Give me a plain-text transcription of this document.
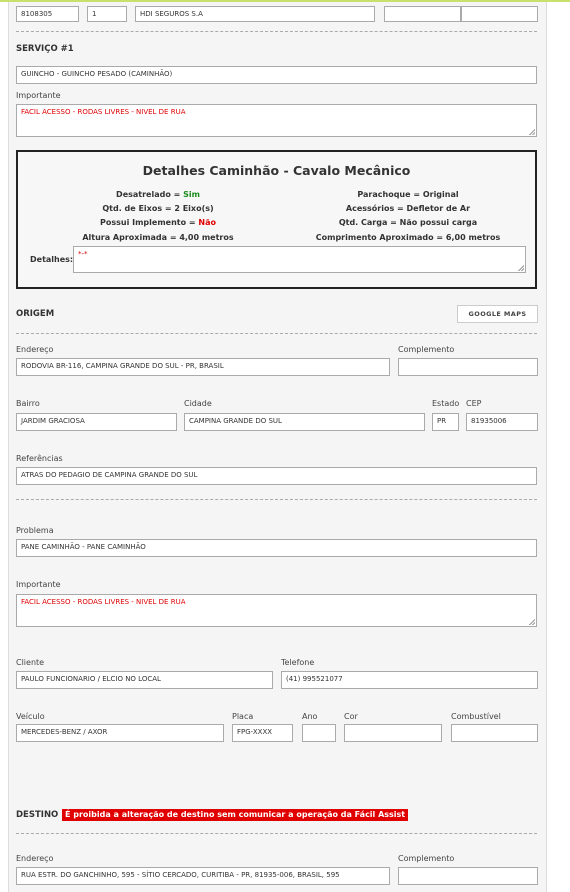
8108305	1	HDI SEGUROS S.A
SERVIÇO #1
GUINCHO - GUINCHO PESADO (CAMINHÃO)
Importante
FACIL ACESSO - RODAS LIVRES - NIVEL DE RUA
Detalhes Caminhão - Cavalo Mecânico
Desatrelado = Sim
Qtd. de Eixos = 2 Eixo(s)
Possui Implemento = Não
Altura Aproximada = 4,00 metros
Parachoque = Original
Acessórios = Defletor de Ar
Qtd. Carga = Não possui carga
Comprimento Aproximado = 6,00 metros
Detalhes:
*-*
ORIGEM	GOOGLE MAPS
Endereço
RODOVIA BR-116, CAMPINA GRANDE DO SUL - PR, BRASIL
Complemento
Bairro
JARDIM GRACIOSA
Cidade
CAMPINA GRANDE DO SUL
Estado
PR
CEP
81935006
Referências
ATRAS DO PEDAGIO DE CAMPINA GRANDE DO SUL
Problema
PANE CAMINHÃO - PANE CAMINHÃO
Importante
FACIL ACESSO - RODAS LIVRES - NIVEL DE RUA
Cliente
PAULO FUNCIONARIO / ELCIO NO LOCAL
Telefone
(41) 995521077
Veículo
MERCEDES-BENZ / AXOR
Placa
FPG-XXXX
Ano	Cor	Combustível
DESTINO É proibida a alteração de destino sem comunicar a operação da Fácil Assist
Endereço
RUA ESTR. DO GANCHINHO, 595 - SÍTIO CERCADO, CURITIBA - PR, 81935-006, BRASIL, 595
Complemento
